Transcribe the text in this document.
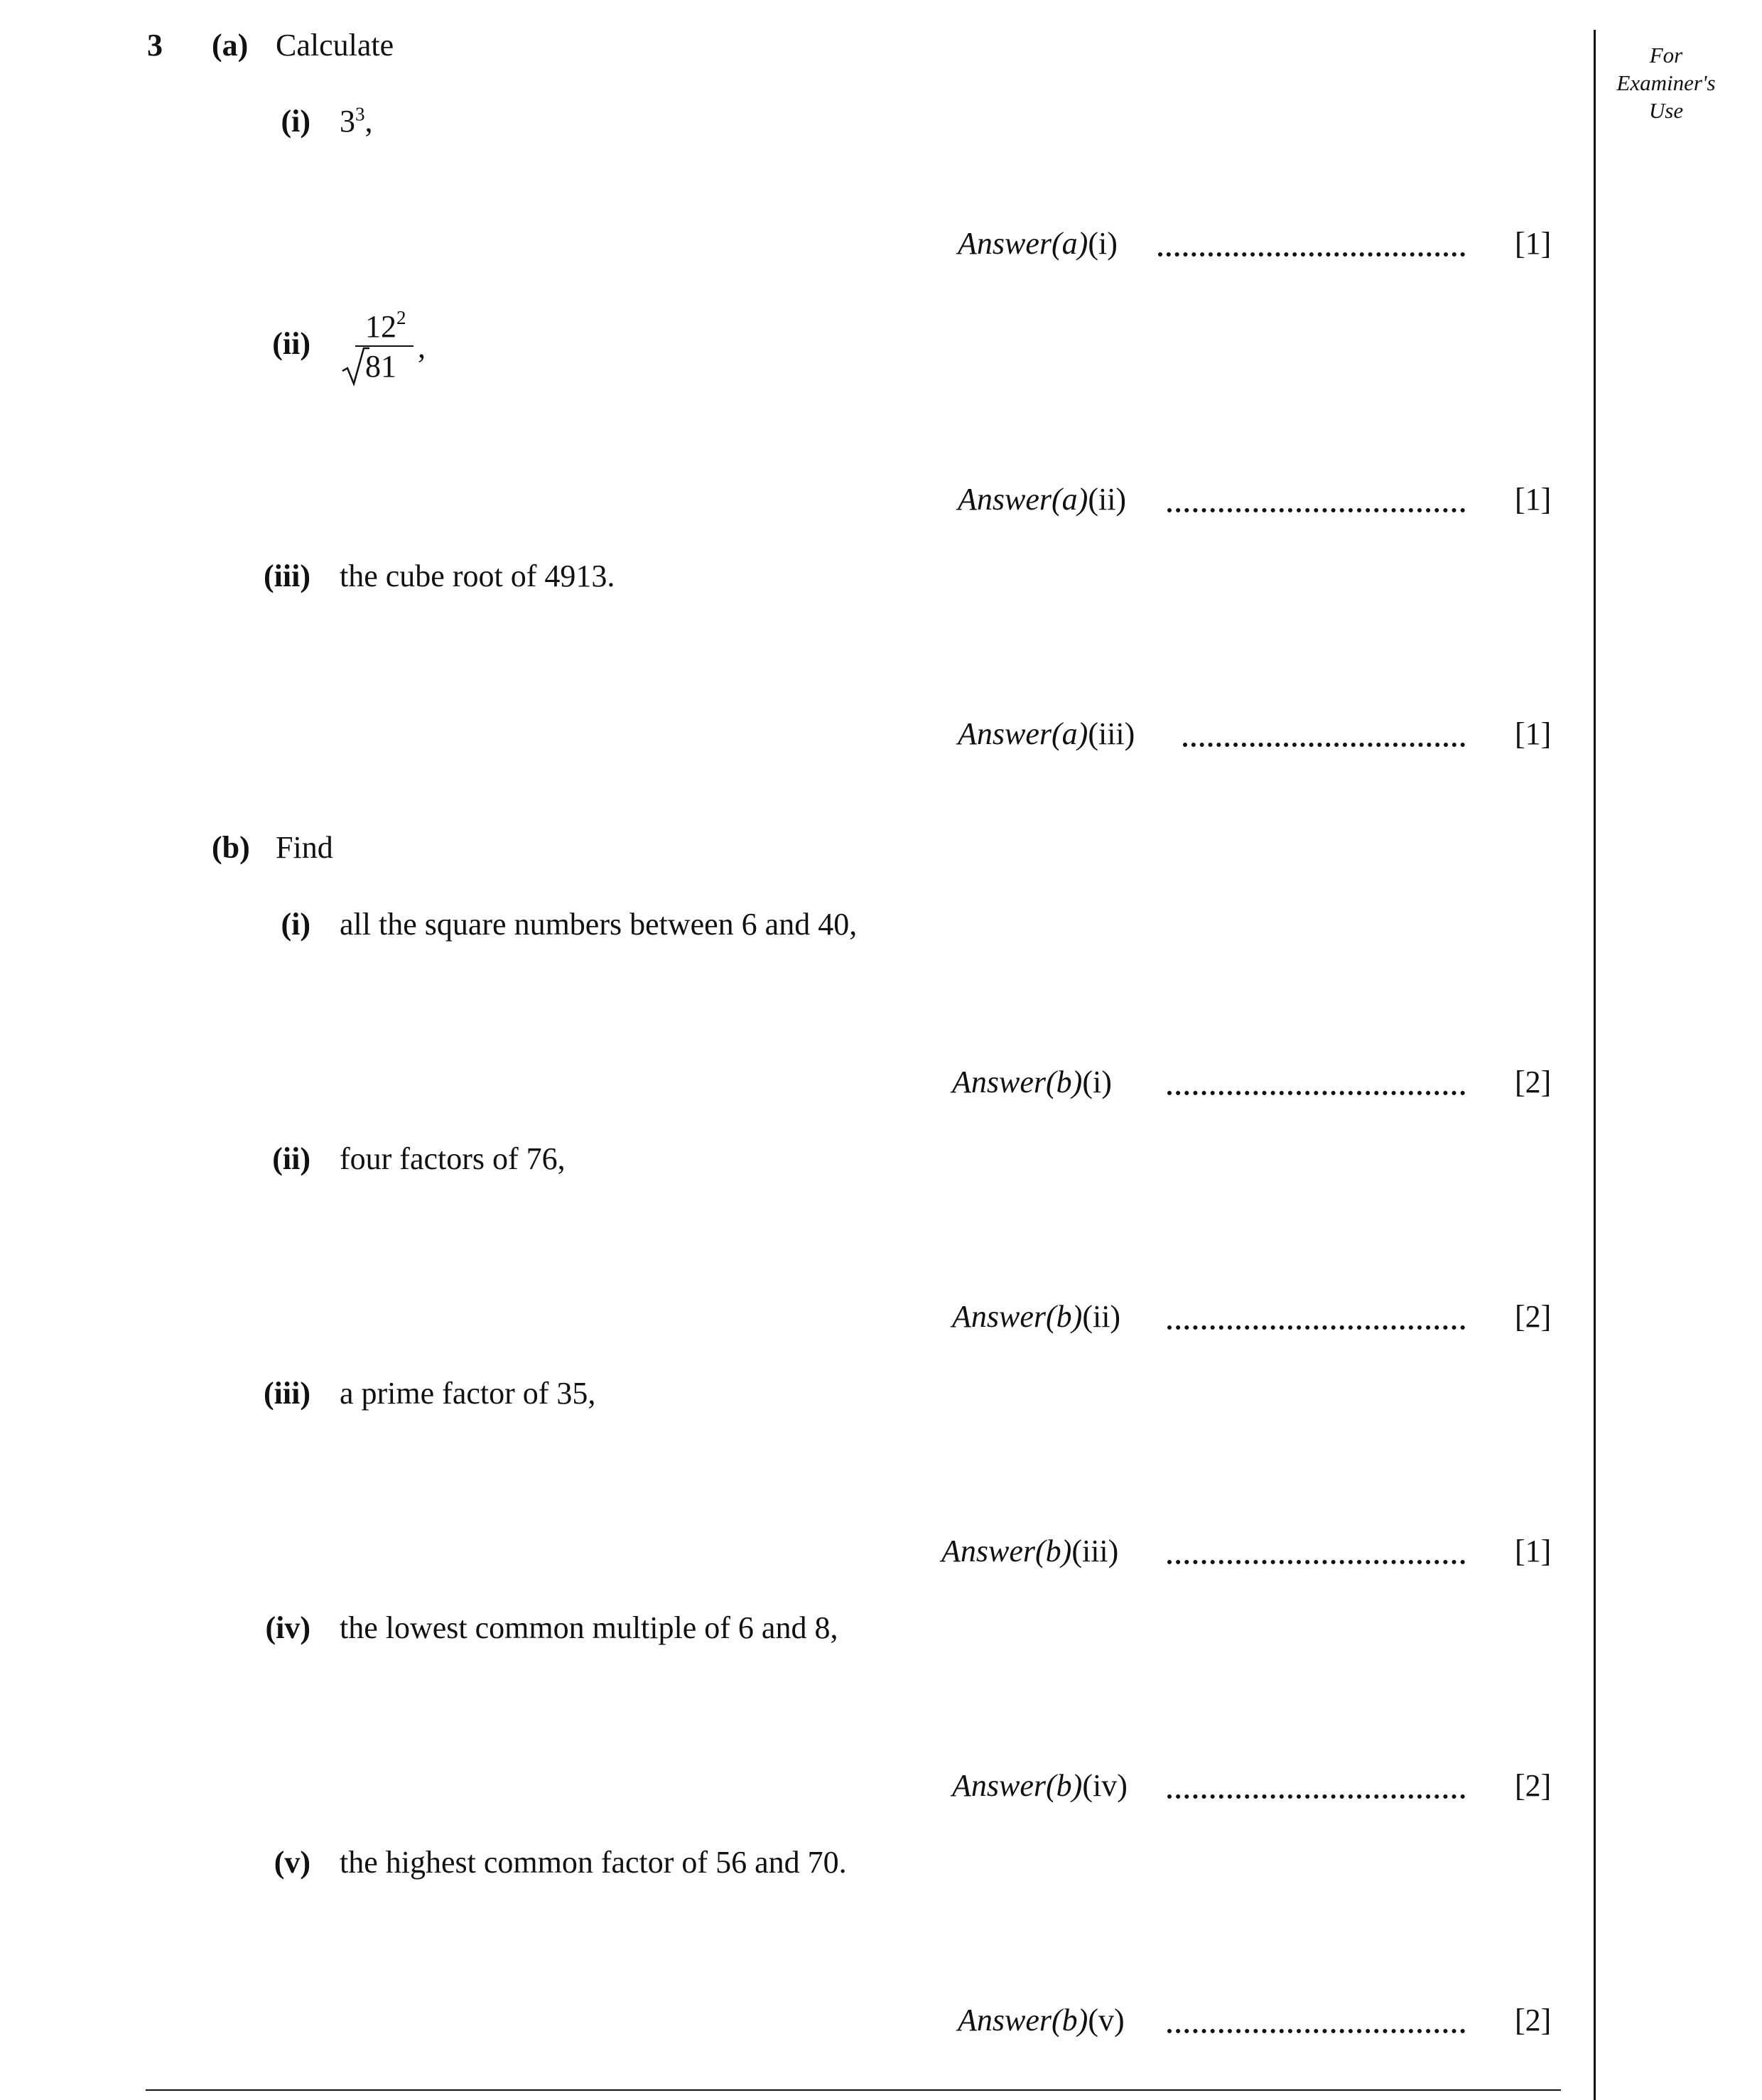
3	For
Examiner's
Use
(a) Calculate
(i) $3^3$,
Answer(a)(i)	[1]
(ii) $12^2$
81
,
Answer(a)(ii)	[1]
(iii) the cube root of 4913.
Answer(a)(iii)	[1]
(b) Find
(i) all the square numbers between 6 and 40,
Answer(b)(i)	[2]
(ii) four factors of 76,
Answer(b)(ii)	[2]
(iii) a prime factor of 35,
Answer(b)(iii)	[1]
(iv) the lowest common multiple of 6 and 8,
Answer(b)(iv)	[2]
(v) the highest common factor of 56 and 70.
Answer(b)(v)	[2]
